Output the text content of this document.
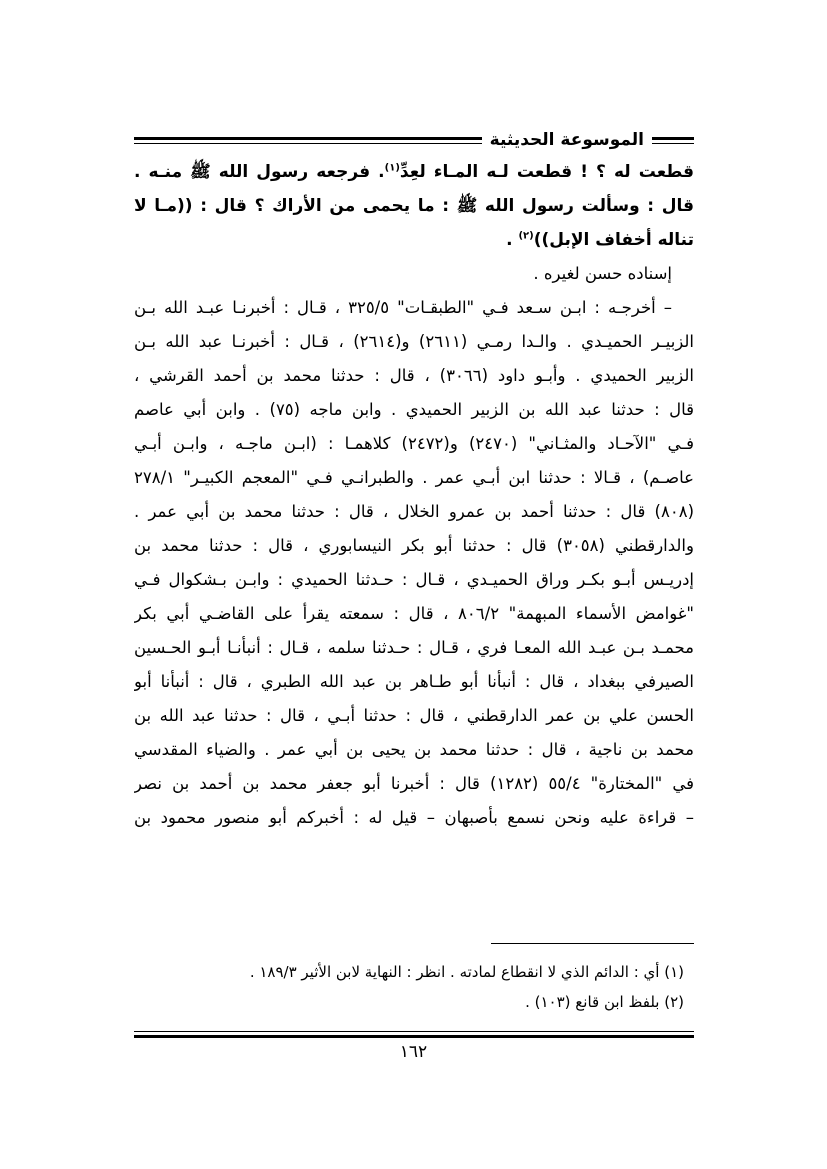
الموسوعة الحديثية
قطعت له ؟ ! قطعت لـه المـاء لعِدِّ$^{(١)}$. فرجعه رسول الله ﷺ منـه .
قال : وسألت رسول الله ﷺ : ما يحمى من الأراك ؟ قال : ((مـا لا
تناله أخفاف الإبل))$^{(٢)}$ .
إسناده حسن لغيره .
– أخرجـه : ابـن سـعد فـي "الطبقـات" ٣٢٥/٥ ، قـال : أخبرنـا عبـد الله بـن
الزبيـر الحميـدي . والـدا رمـي (٢٦١١) و(٢٦١٤) ، قـال : أخبرنـا عبد الله بـن
الزبير الحميدي . وأبـو داود (٣٠٦٦) ، قال : حدثنا محمد بن أحمد القرشي ،
قال : حدثنا عبد الله بن الزبير الحميدي . وابن ماجه (٧٥) . وابن أبي عاصم
فـي "الآحـاد والمثـاني" (٢٤٧٠) و(٢٤٧٢) كلاهمـا : (ابـن ماجـه ، وابـن أبـي
عاصـم) ، قـالا : حدثنا ابن أبـي عمر . والطبرانـي فـي "المعجم الكبيـر" ٢٧٨/١
(٨٠٨) قال : حدثنا أحمد بن عمرو الخلال ، قال : حدثنا محمد بن أبي عمر .
والدارقطني (٣٠٥٨) قال : حدثنا أبو بكر النيسابوري ، قال : حدثنا محمد بن
إدريـس أبـو بكـر وراق الحميـدي ، قـال : حـدثنا الحميدي : وابـن بـشكوال فـي
"غوامض الأسماء المبهمة" ٨٠٦/٢ ، قال : سمعته يقرأ على القاضـي أبي بكر
محمـد بـن عبـد الله المعـا فري ، قـال : حـدثنا سلمه ، قـال : أنبأنـا أبـو الحـسين
الصيرفي ببغداد ، قال : أنبأنا أبو طـاهر بن عبد الله الطبري ، قال : أنبأنا أبو
الحسن علي بن عمر الدارقطني ، قال : حدثنا أبـي ، قال : حدثنا عبد الله بن
محمد بن ناجية ، قال : حدثنا محمد بن يحيى بن أبي عمر . والضياء المقدسي
في "المختارة" ٥٥/٤ (١٢٨٢) قال : أخبرنا أبو جعفر محمد بن أحمد بن نصر
– قراءة عليه ونحن نسمع بأصبهان – قيل له : أخبركم أبو منصور محمود بن
(١) أي : الدائم الذي لا انقطاع لمادته . انظر : النهاية لابن الأثير ١٨٩/٣ .
(٢) بلفظ ابن قانع (١٠٣) .
١٦٢
